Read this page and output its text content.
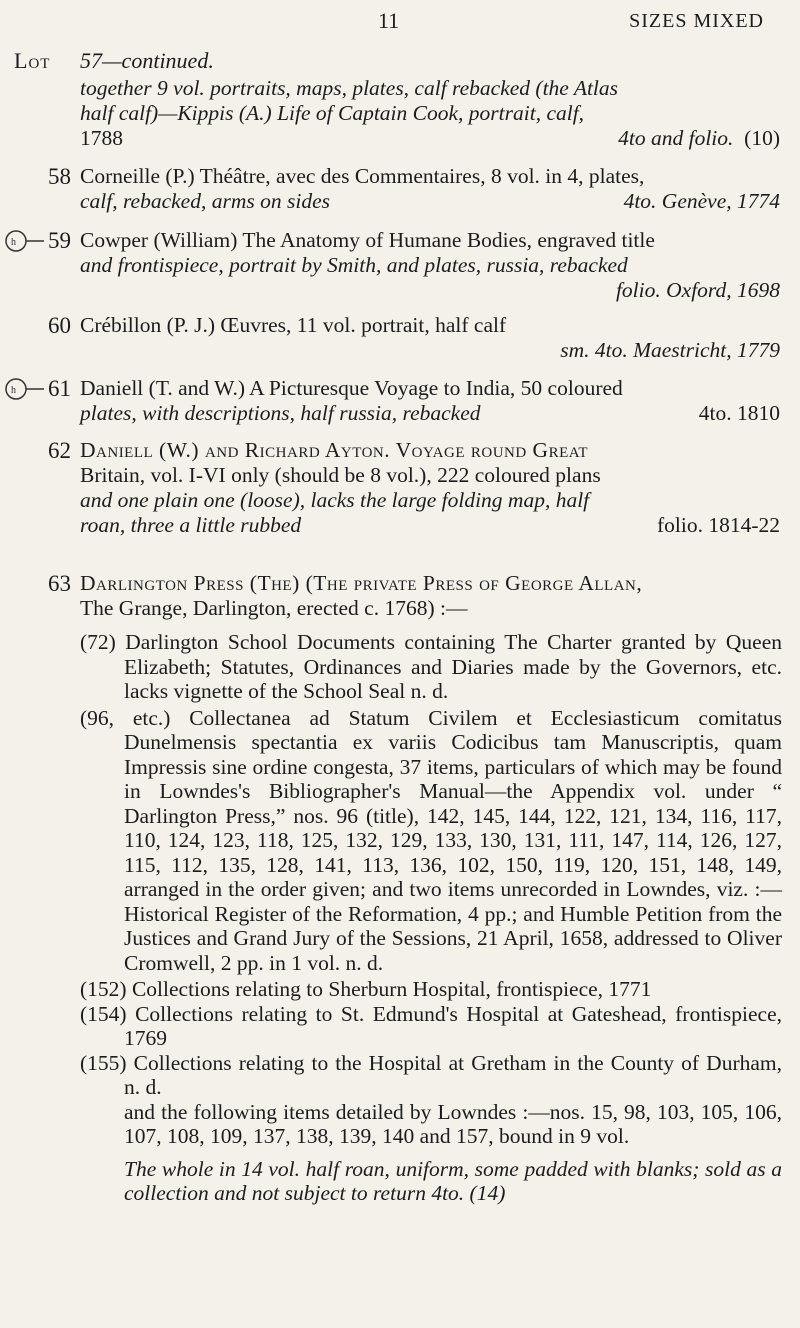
11	SIZES MIXED
Lot 57—continued.
together 9 vol. portraits, maps, plates, calf rebacked (the Atlas
half calf)—Kippis (A.) Life of Captain Cook, portrait, calf,

1788	4to and folio. (10)
58 Corneille (P.) Théâtre, avec des Commentaires, 8 vol. in 4, plates,

calf, rebacked, arms on sides	4to. Genève, 1774
h 59 Cowper (William) The Anatomy of Humane Bodies, engraved title
and frontispiece, portrait by Smith, and plates, russia, rebacked

folio. Oxford, 1698
60 Crébillon (P. J.) Œuvres, 11 vol. portrait, half calf

sm. 4to. Maestricht, 1779
h 61 Daniell (T. and W.) A Picturesque Voyage to India, 50 coloured

plates, with descriptions, half russia, rebacked	4to. 1810
62 Daniell (W.) and Richard Ayton. Voyage round Great
Britain, vol. I-VI only (should be 8 vol.), 222 coloured plans
and one plain one (loose), lacks the large folding map, half

roan, three a little rubbed	folio. 1814-22
63 Darlington Press (The) (The private Press of George Allan,
The Grange, Darlington, erected c. 1768) :—
(72) Darlington School Documents containing The Charter granted by Queen Elizabeth; Statutes, Ordinances and Diaries made by the Governors, etc. lacks vignette of the School Seal n. d.
(96, etc.) Collectanea ad Statum Civilem et Ecclesiasticum comitatus Dunelmensis spectantia ex variis Codicibus tam Manuscriptis, quam Impressis sine ordine congesta, 37 items, particulars of which may be found in Lowndes's Bibliographer's Manual—the Appendix vol. under “ Darlington Press,” nos. 96 (title), 142, 145, 144, 122, 121, 134, 116, 117, 110, 124, 123, 118, 125, 132, 129, 133, 130, 131, 111, 147, 114, 126, 127, 115, 112, 135, 128, 141, 113, 136, 102, 150, 119, 120, 151, 148, 149, arranged in the order given; and two items unrecorded in Lowndes, viz. :—Historical Register of the Reformation, 4 pp.; and Humble Petition from the Justices and Grand Jury of the Sessions, 21 April, 1658, addressed to Oliver Cromwell, 2 pp. in 1 vol. n. d.
(152) Collections relating to Sherburn Hospital, frontispiece, 1771
(154) Collections relating to St. Edmund's Hospital at Gateshead, frontispiece, 1769
(155) Collections relating to the Hospital at Gretham in the County of Durham, n. d.
and the following items detailed by Lowndes :—nos. 15, 98, 103, 105, 106, 107, 108, 109, 137, 138, 139, 140 and 157, bound in 9 vol.
The whole in 14 vol. half roan, uniform, some padded with blanks; sold as a collection and not subject to return 4to. (14)
